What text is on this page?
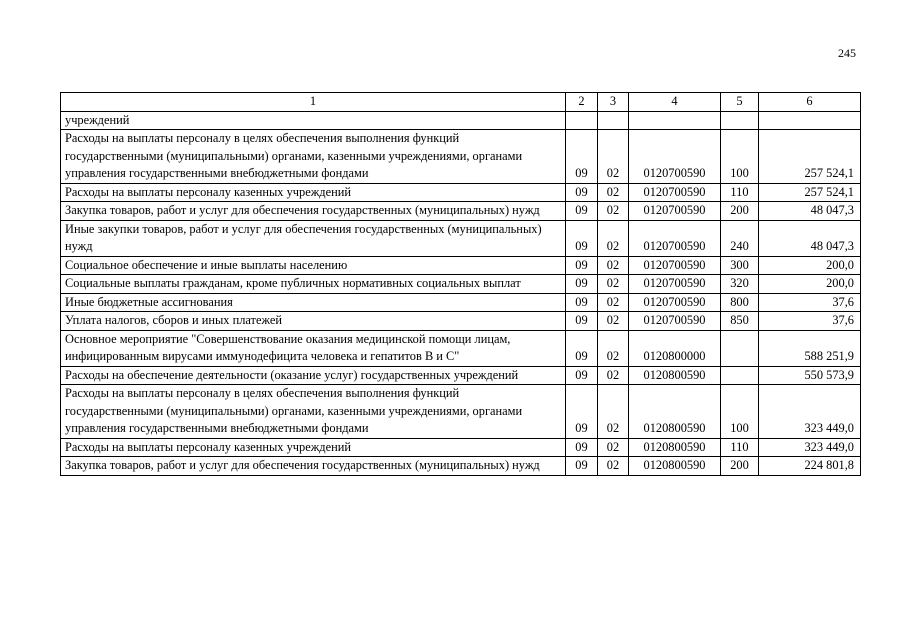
245
1	2	3	4	5	6
учреждений					
Расходы на выплаты персоналу в целях обеспечения выполнения функций государственными (муниципальными) органами, казенными учреждениями, органами управления государственными внебюджетными фондами	09	02	0120700590	100	257 524,1
Расходы на выплаты персоналу казенных учреждений	09	02	0120700590	110	257 524,1
Закупка товаров, работ и услуг для обеспечения государственных (муниципальных) нужд	09	02	0120700590	200	48 047,3
Иные закупки товаров, работ и услуг для обеспечения государственных (муниципальных) нужд	09	02	0120700590	240	48 047,3
Социальное обеспечение и иные выплаты населению	09	02	0120700590	300	200,0
Социальные выплаты гражданам, кроме публичных нормативных социальных выплат	09	02	0120700590	320	200,0
Иные бюджетные ассигнования	09	02	0120700590	800	37,6
Уплата налогов, сборов и иных платежей	09	02	0120700590	850	37,6
Основное мероприятие "Совершенствование оказания медицинской помощи лицам, инфицированным вирусами иммунодефицита человека и гепатитов В и С"	09	02	0120800000		588 251,9
Расходы на обеспечение деятельности (оказание услуг) государственных учреждений	09	02	0120800590		550 573,9
Расходы на выплаты персоналу в целях обеспечения выполнения функций государственными (муниципальными) органами, казенными учреждениями, органами управления государственными внебюджетными фондами	09	02	0120800590	100	323 449,0
Расходы на выплаты персоналу казенных учреждений	09	02	0120800590	110	323 449,0
Закупка товаров, работ и услуг для обеспечения государственных (муниципальных) нужд	09	02	0120800590	200	224 801,8
